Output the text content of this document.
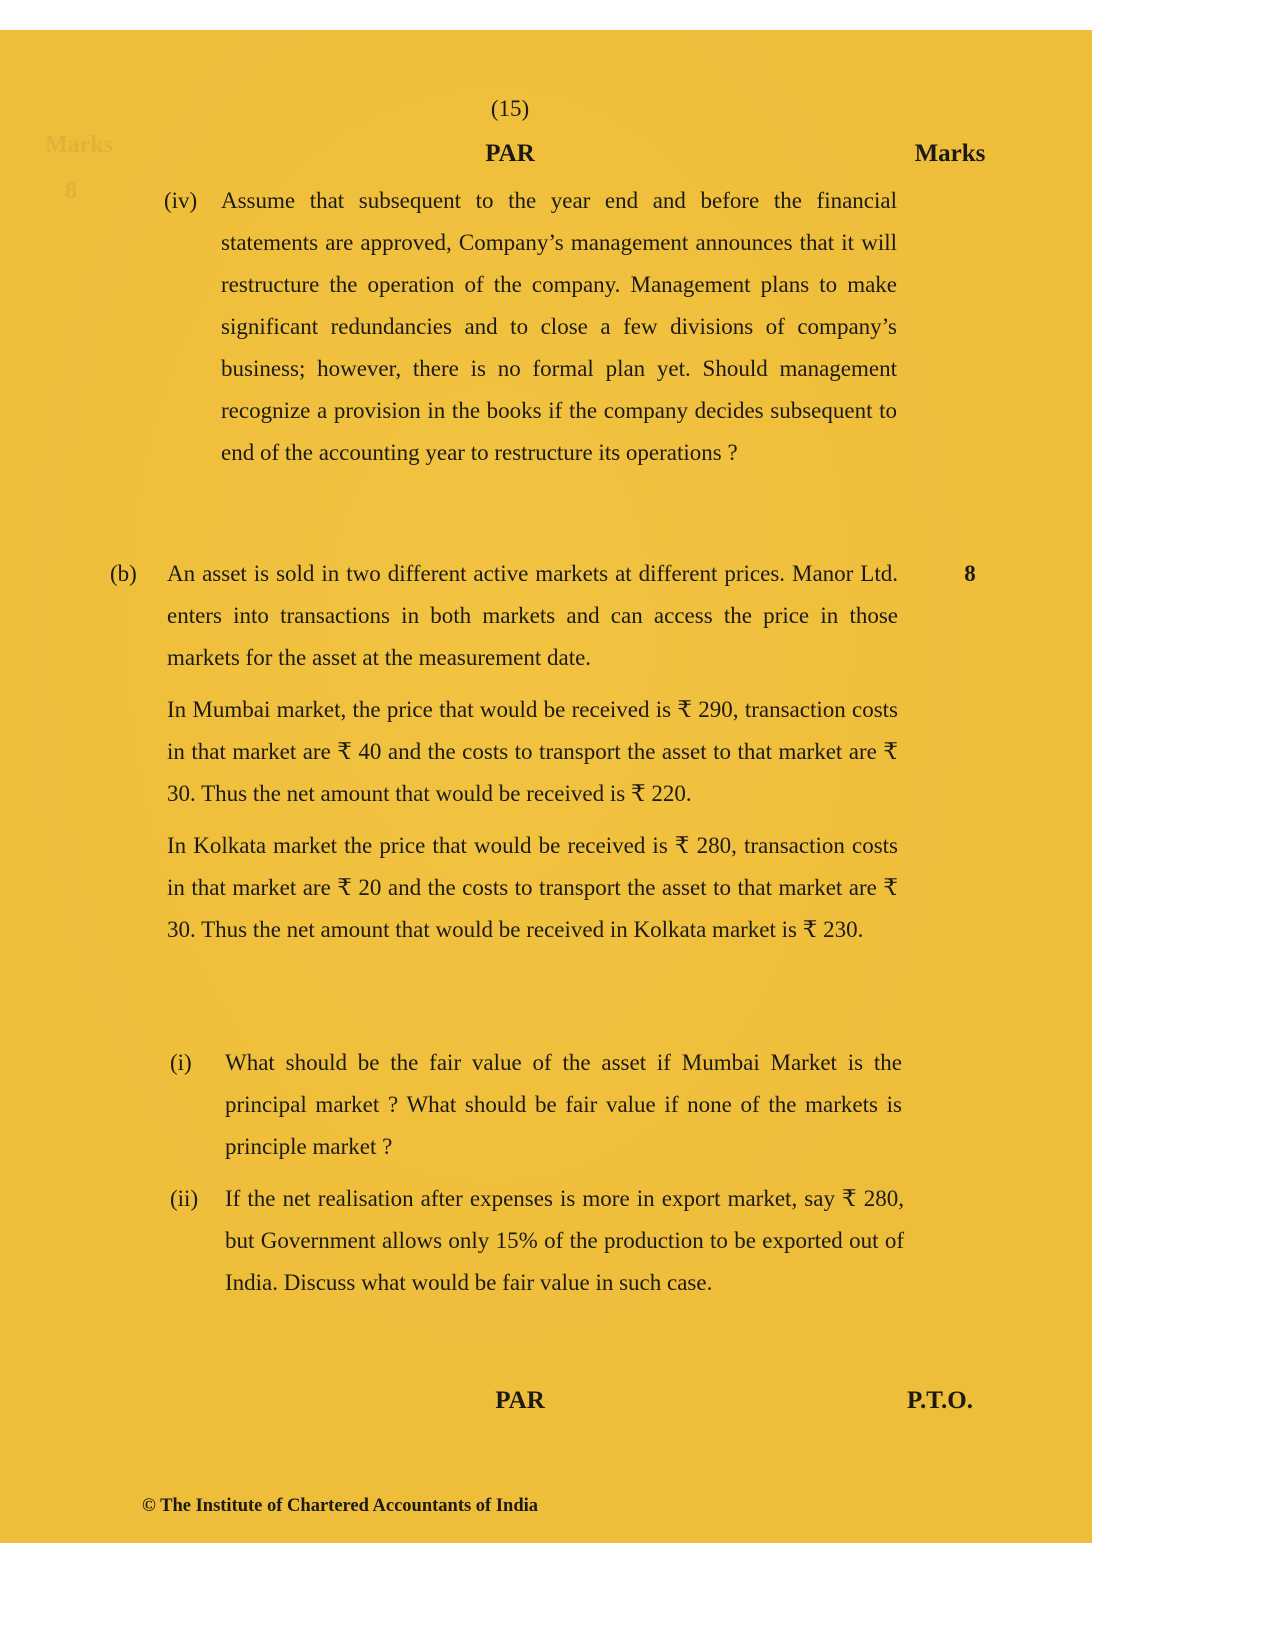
Marks
8
(15)
PAR	Marks
(iv) Assume that subsequent to the year end and before the financial statements are approved, Company’s management announces that it will restructure the operation of the company. Management plans to make significant redundancies and to close a few divisions of company’s business; however, there is no formal plan yet. Should management recognize a provision in the books if the company decides subsequent to end of the accounting year to restructure its operations ?
(b)	8

An asset is sold in two different active markets at different prices. Manor Ltd. enters into transactions in both markets and can access the price in those markets for the asset at the measurement date.

In Mumbai market, the price that would be received is ₹ 290, transaction costs in that market are ₹ 40 and the costs to transport the asset to that market are ₹ 30. Thus the net amount that would be received is ₹ 220.

In Kolkata market the price that would be received is ₹ 280, transaction costs in that market are ₹ 20 and the costs to transport the asset to that market are ₹ 30. Thus the net amount that would be received in Kolkata market is ₹ 230.

(i) What should be the fair value of the asset if Mumbai Market is the principal market ? What should be fair value if none of the markets is principle market ?
(ii) If the net realisation after expenses is more in export market, say ₹ 280, but Government allows only 15% of the production to be exported out of India. Discuss what would be fair value in such case.
PAR	P.T.O.
© The Institute of Chartered Accountants of India
